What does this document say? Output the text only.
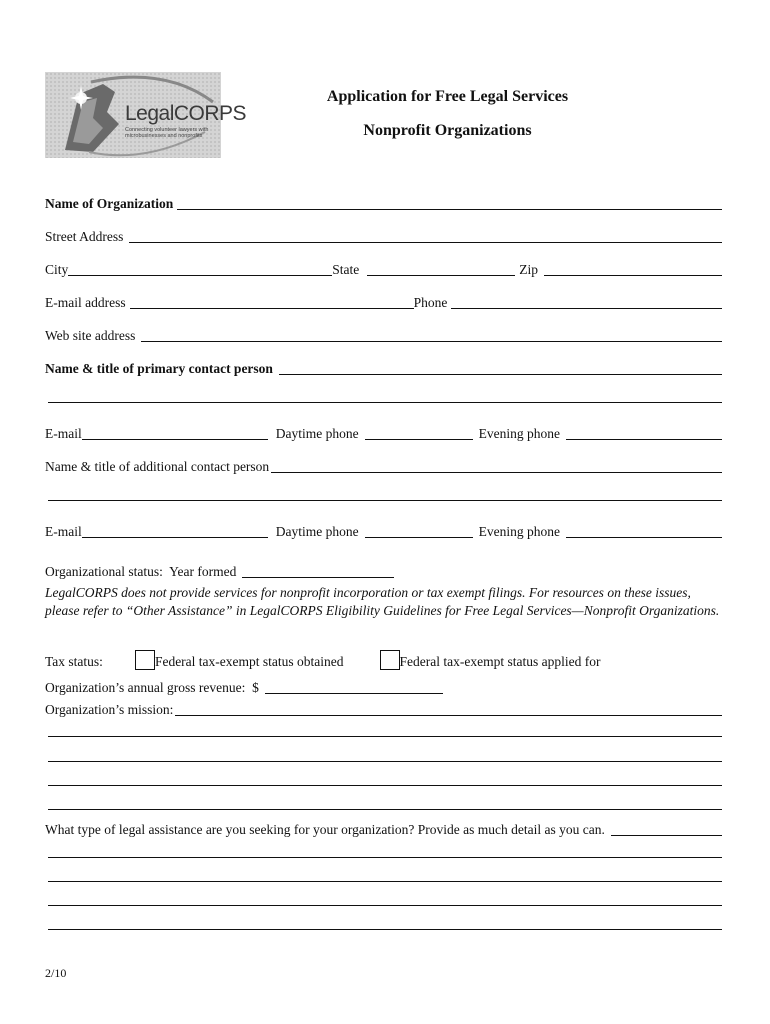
LegalCORPS
Connecting volunteer lawyers with microbusinesses and nonprofits
Application for Free Legal Services
Nonprofit Organizations
Name of Organization
Street Address
City	State	Zip
E-mail address	Phone
Web site address
Name & title of primary contact person
E-mail	Daytime phone	Evening phone
Name & title of additional contact person
E-mail	Daytime phone	Evening phone
Organizational status:  Year formed
LegalCORPS does not provide services for nonprofit incorporation or tax exempt filings. For resources on these issues, please refer to “Other Assistance” in LegalCORPS Eligibility Guidelines for Free Legal Services—Nonprofit Organizations.
Tax status:	Federal tax-exempt status obtained	Federal tax-exempt status applied for
Organization’s annual gross revenue:  $
Organization’s mission:
What type of legal assistance are you seeking for your organization? Provide as much detail as you can.
2/10
